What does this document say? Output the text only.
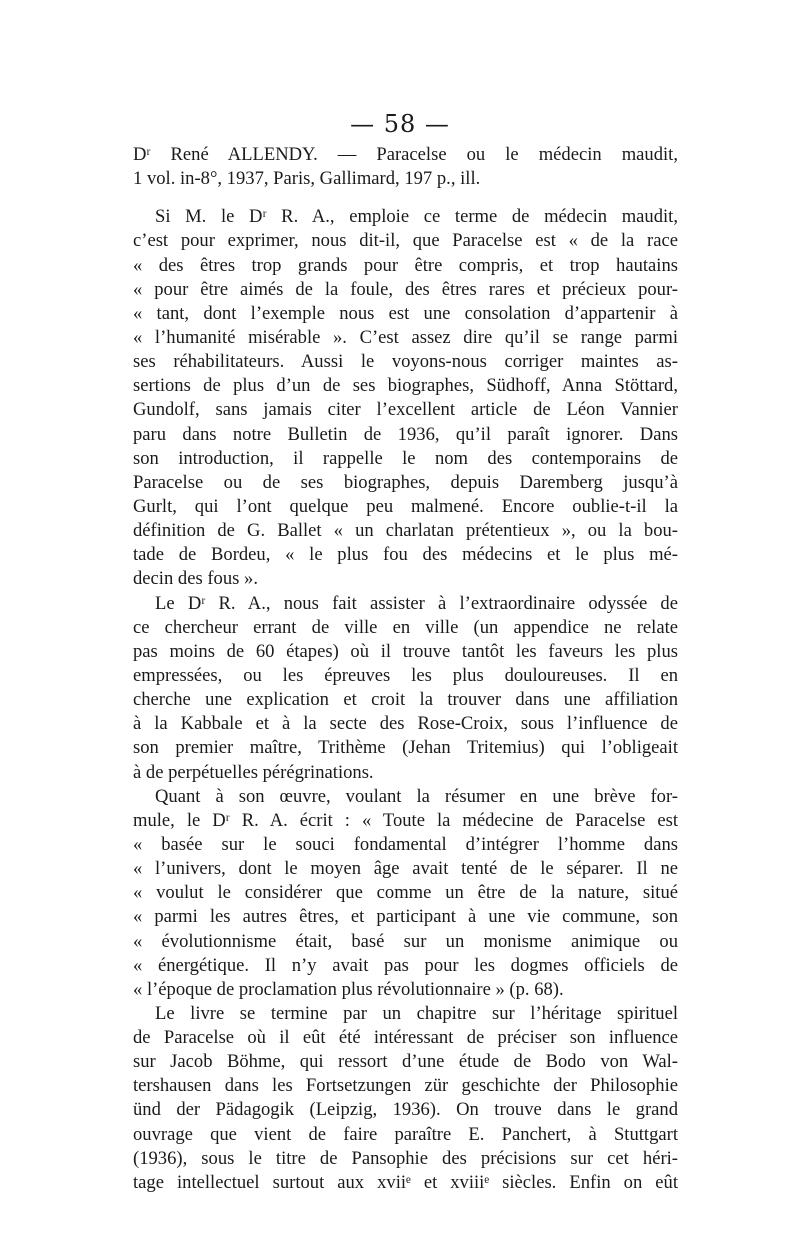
— 58 —
Dʳ René ALLENDY. — Paracelse ou le médecin maudit,
1 vol. in-8°, 1937, Paris, Gallimard, 197 p., ill.
Si M. le Dʳ R. A., emploie ce terme de médecin maudit,
c’est pour exprimer, nous dit-il, que Paracelse est « de la race
« des êtres trop grands pour être compris, et trop hautains
« pour être aimés de la foule, des êtres rares et précieux pour-
« tant, dont l’exemple nous est une consolation d’appartenir à
« l’humanité misérable ». C’est assez dire qu’il se range parmi
ses réhabilitateurs. Aussi le voyons-nous corriger maintes as-
sertions de plus d’un de ses biographes, Südhoff, Anna Stöttard,
Gundolf, sans jamais citer l’excellent article de Léon Vannier
paru dans notre Bulletin de 1936, qu’il paraît ignorer. Dans
son introduction, il rappelle le nom des contemporains de
Paracelse ou de ses biographes, depuis Daremberg jusqu’à
Gurlt, qui l’ont quelque peu malmené. Encore oublie-t-il la
définition de G. Ballet « un charlatan prétentieux », ou la bou-
tade de Bordeu, « le plus fou des médecins et le plus mé-
decin des fous ».
Le Dʳ R. A., nous fait assister à l’extraordinaire odyssée de
ce chercheur errant de ville en ville (un appendice ne relate
pas moins de 60 étapes) où il trouve tantôt les faveurs les plus
empressées, ou les épreuves les plus douloureuses. Il en
cherche une explication et croit la trouver dans une affiliation
à la Kabbale et à la secte des Rose-Croix, sous l’influence de
son premier maître, Trithème (Jehan Tritemius) qui l’obligeait
à de perpétuelles pérégrinations.
Quant à son œuvre, voulant la résumer en une brève for-
mule, le Dʳ R. A. écrit : « Toute la médecine de Paracelse est
« basée sur le souci fondamental d’intégrer l’homme dans
« l’univers, dont le moyen âge avait tenté de le séparer. Il ne
« voulut le considérer que comme un être de la nature, situé
« parmi les autres êtres, et participant à une vie commune, son
« évolutionnisme était, basé sur un monisme animique ou
« énergétique. Il n’y avait pas pour les dogmes officiels de
« l’époque de proclamation plus révolutionnaire » (p. 68).
Le livre se termine par un chapitre sur l’héritage spirituel
de Paracelse où il eût été intéressant de préciser son influence
sur Jacob Böhme, qui ressort d’une étude de Bodo von Wal-
tershausen dans les Fortsetzungen zür geschichte der Philosophie
ünd der Pädagogik (Leipzig, 1936). On trouve dans le grand
ouvrage que vient de faire paraître E. Panchert, à Stuttgart
(1936), sous le titre de Pansophie des précisions sur cet héri-
tage intellectuel surtout aux xviiᵉ et xviiiᵉ siècles. Enfin on eût
